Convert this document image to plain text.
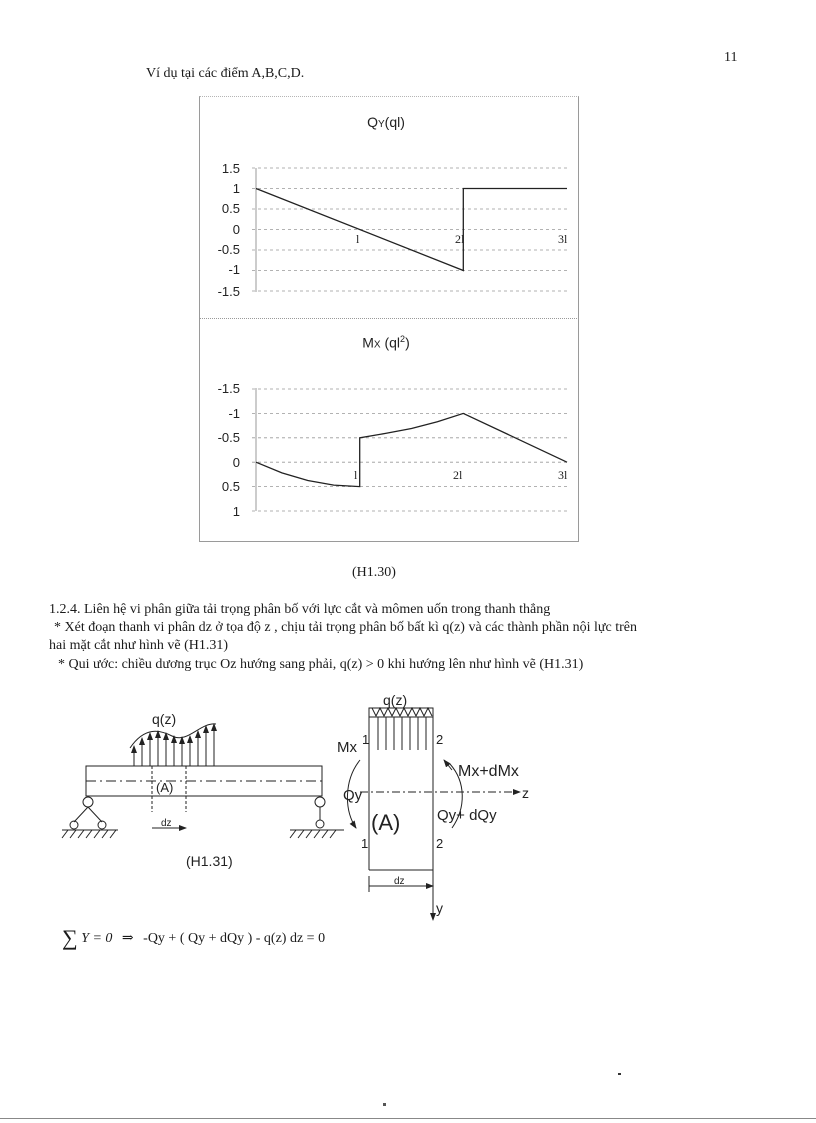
11
Ví dụ tại các điểm A,B,C,D.
QY(ql)
1.5
1
0.5
0
-0.5
-1
-1.5
l	2l	3l
MX $(ql^2)$
-1.5
-1
-0.5
0
0.5
1
l	2l	3l
(H1.30)
1.2.4. Liên hệ vi phân giữa tải trọng phân bố với lực cắt và mômen uốn trong thanh thẳng
* Xét đoạn thanh vi phân dz ở tọa độ z , chịu tải trọng phân bố bất kì q(z) và các thành phần nội lực trên
hai mặt cắt như hình vẽ (H1.31)
* Qui ước: chiều dương trục Oz hướng sang phải, q(z) > 0 khi hướng lên như hình vẽ (H1.31)
q(z)
(A)
dz
q(z)
Mx
Qy
(A)
Mx+dMx
Qy+ dQy
z
y
dz
1
1
2
2
(H1.31)
∑ Y = 0 ⇒ -Qy + ( Qy + dQy ) - q(z) dz = 0
